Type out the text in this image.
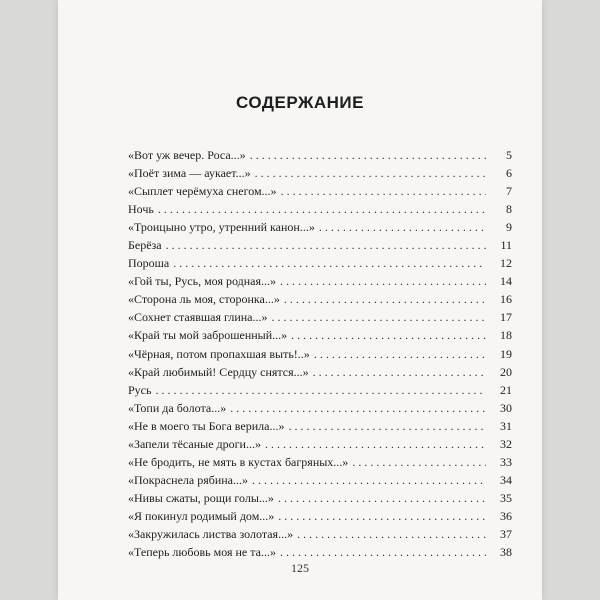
СОДЕРЖАНИЕ
«Вот уж вечер. Роса...» . . .	5
«Поёт зима — аукает...» . . .	6
«Сыплет черёмуха снегом...» . . .	7
Ночь . . .	8
«Троицыно утро, утренний канон...» . . .	9
Берёза . . .	11
Пороша . . .	12
«Гой ты, Русь, моя родная...» . . .	14
«Сторона ль моя, сторонка...» . . .	16
«Сохнет стаявшая глина...» . . .	17
«Край ты мой заброшенный...» . . .	18
«Чёрная, потом пропахшая выть!..» . . .	19
«Край любимый! Сердцу снятся...» . . .	20
Русь . . .	21
«Топи да болота...» . . .	30
«Не в моего ты Бога верила...» . . .	31
«Запели тёсаные дроги...» . . .	32
«Не бродить, не мять в кустах багряных...» . . .	33
«Покраснела рябина...» . . .	34
«Нивы сжаты, рощи голы...» . . .	35
«Я покинул родимый дом...» . . .	36
«Закружилась листва золотая...» . . .	37
«Теперь любовь моя не та...» . . .	38
125
